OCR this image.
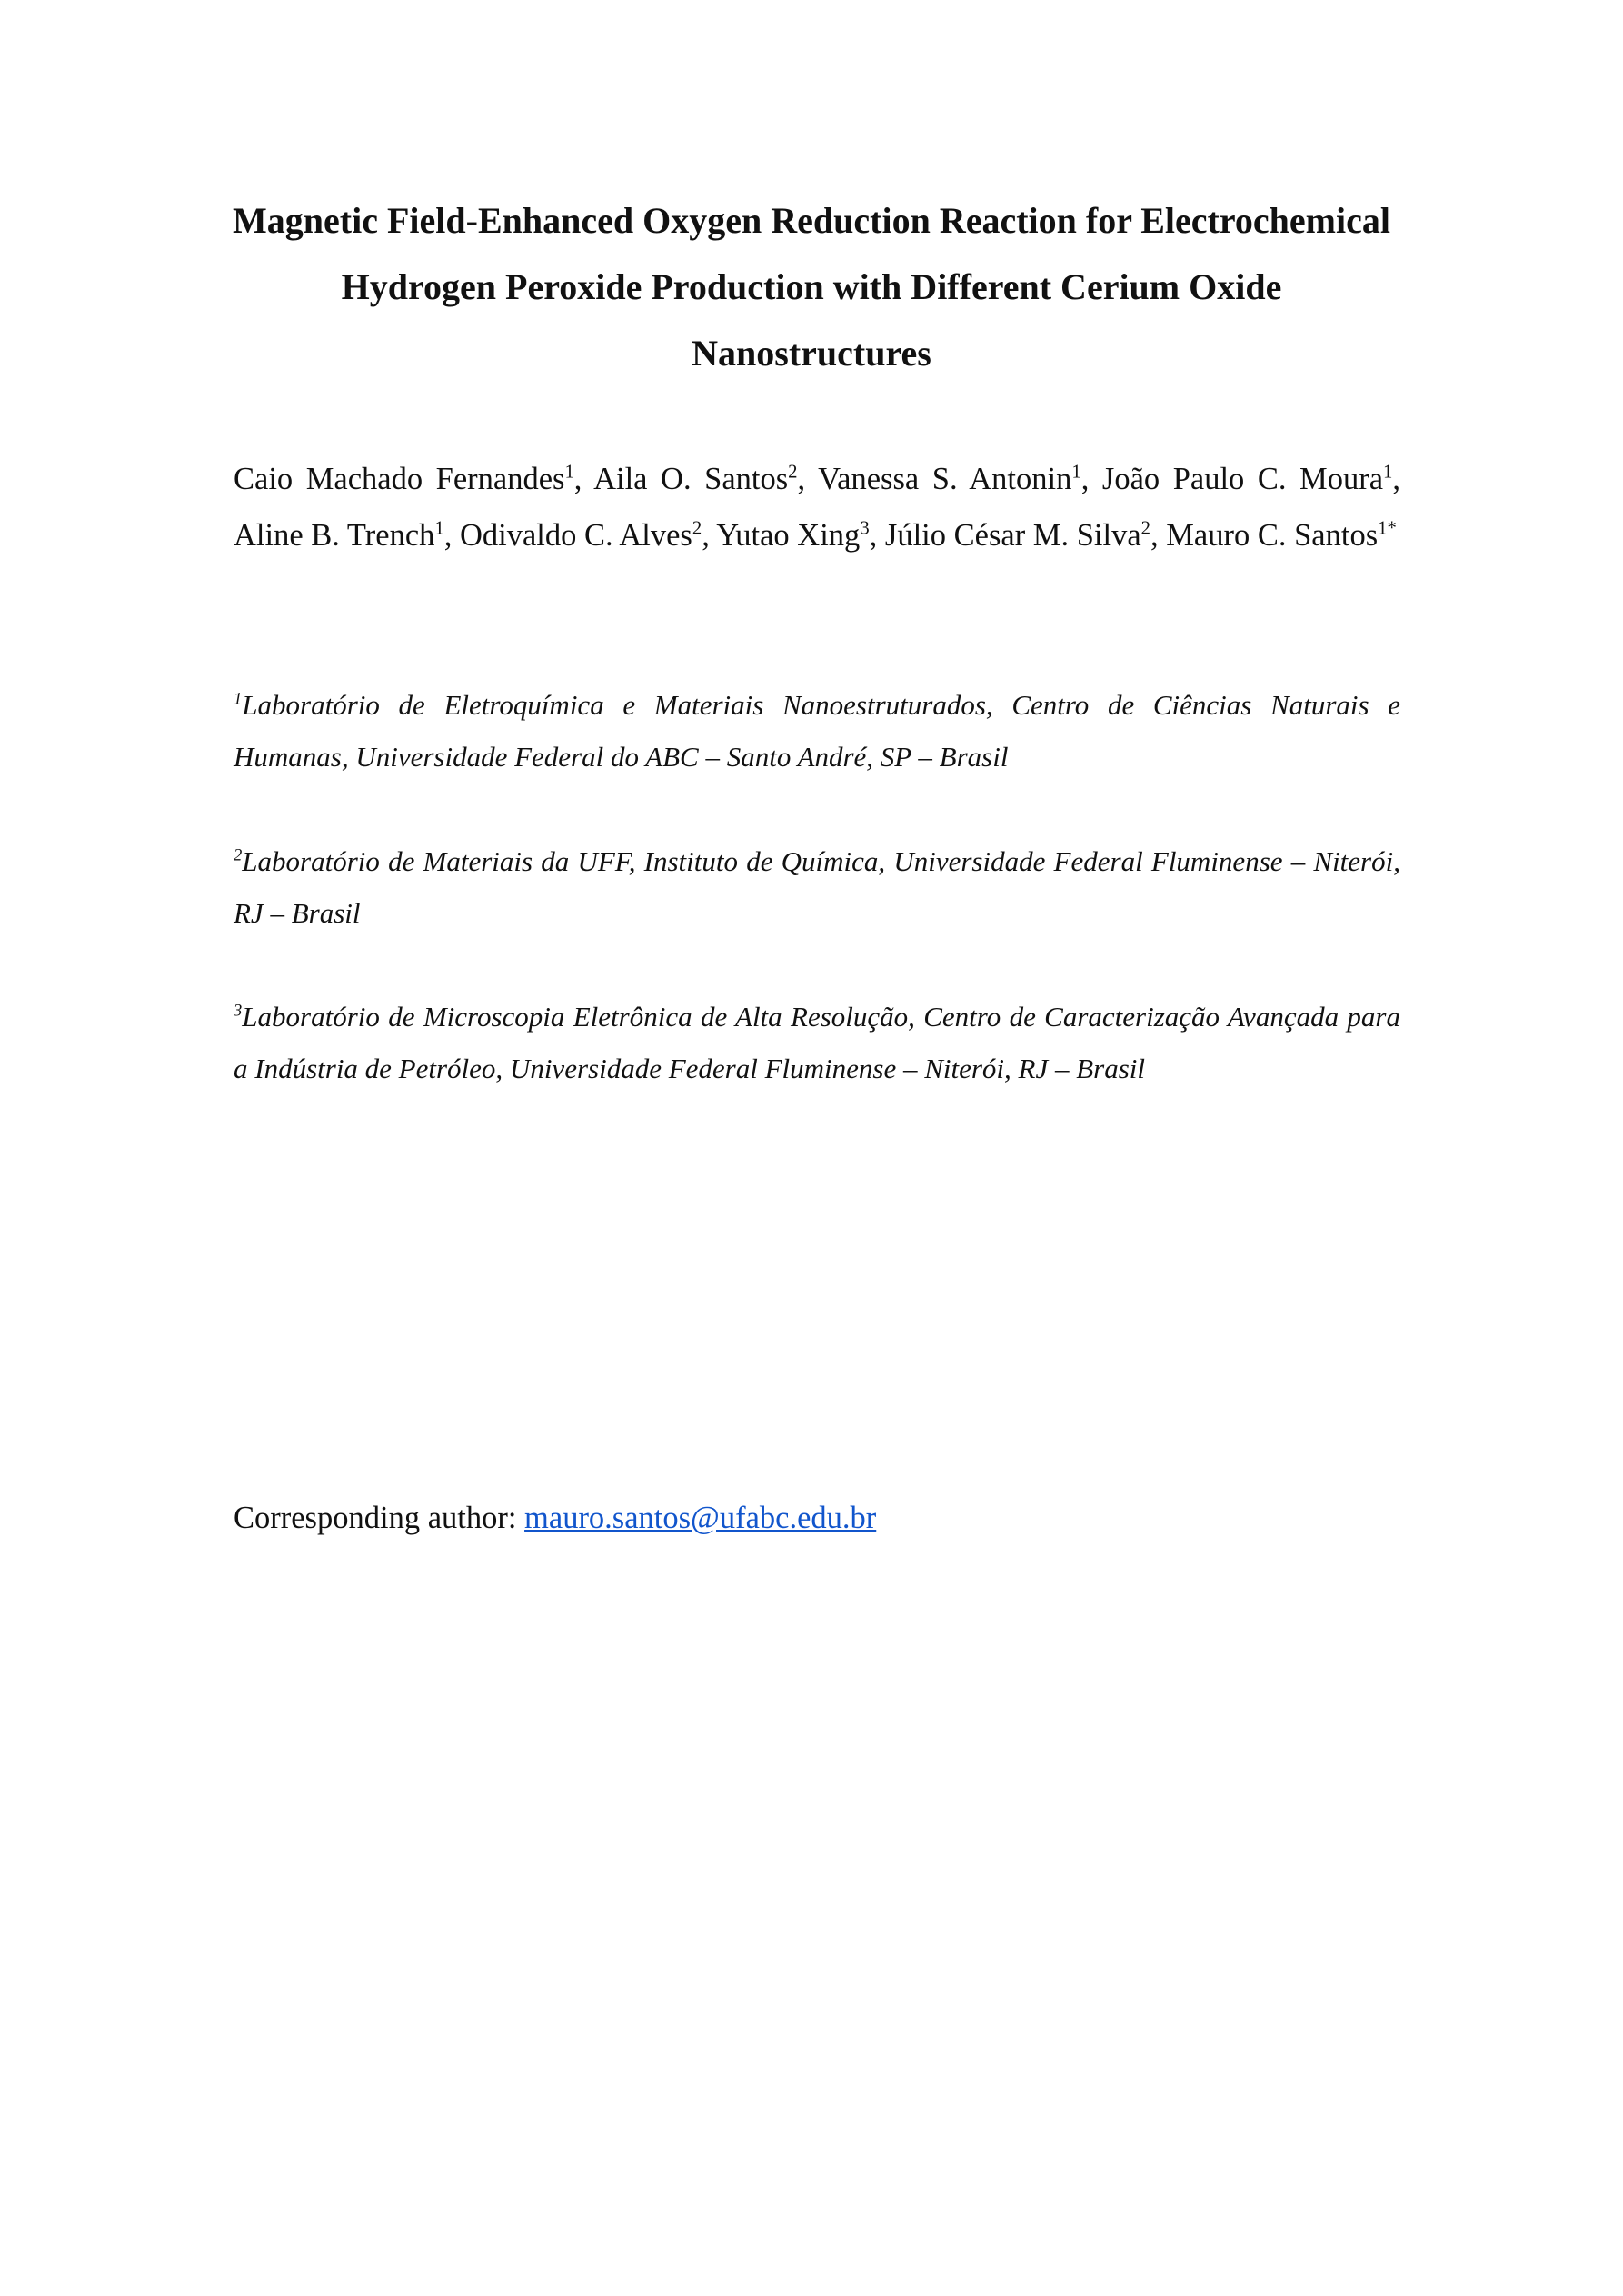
Magnetic Field-Enhanced Oxygen Reduction Reaction for Electrochemical Hydrogen Peroxide Production with Different Cerium Oxide Nanostructures

Caio Machado Fernandes$^1$, Aila O. Santos$^2$, Vanessa S. Antonin$^1$, João Paulo C. Moura$^1$, Aline B. Trench$^1$, Odivaldo C. Alves$^2$, Yutao Xing$^3$, Júlio César M. Silva$^2$, Mauro C. Santos$^{1*}$

$^1$Laboratório de Eletroquímica e Materiais Nanoestruturados, Centro de Ciências Naturais e Humanas, Universidade Federal do ABC – Santo André, SP – Brasil

$^2$Laboratório de Materiais da UFF, Instituto de Química, Universidade Federal Fluminense – Niterói, RJ – Brasil

$^3$Laboratório de Microscopia Eletrônica de Alta Resolução, Centro de Caracterização Avançada para a Indústria de Petróleo, Universidade Federal Fluminense – Niterói, RJ – Brasil

Corresponding author: mauro.santos@ufabc.edu.br
